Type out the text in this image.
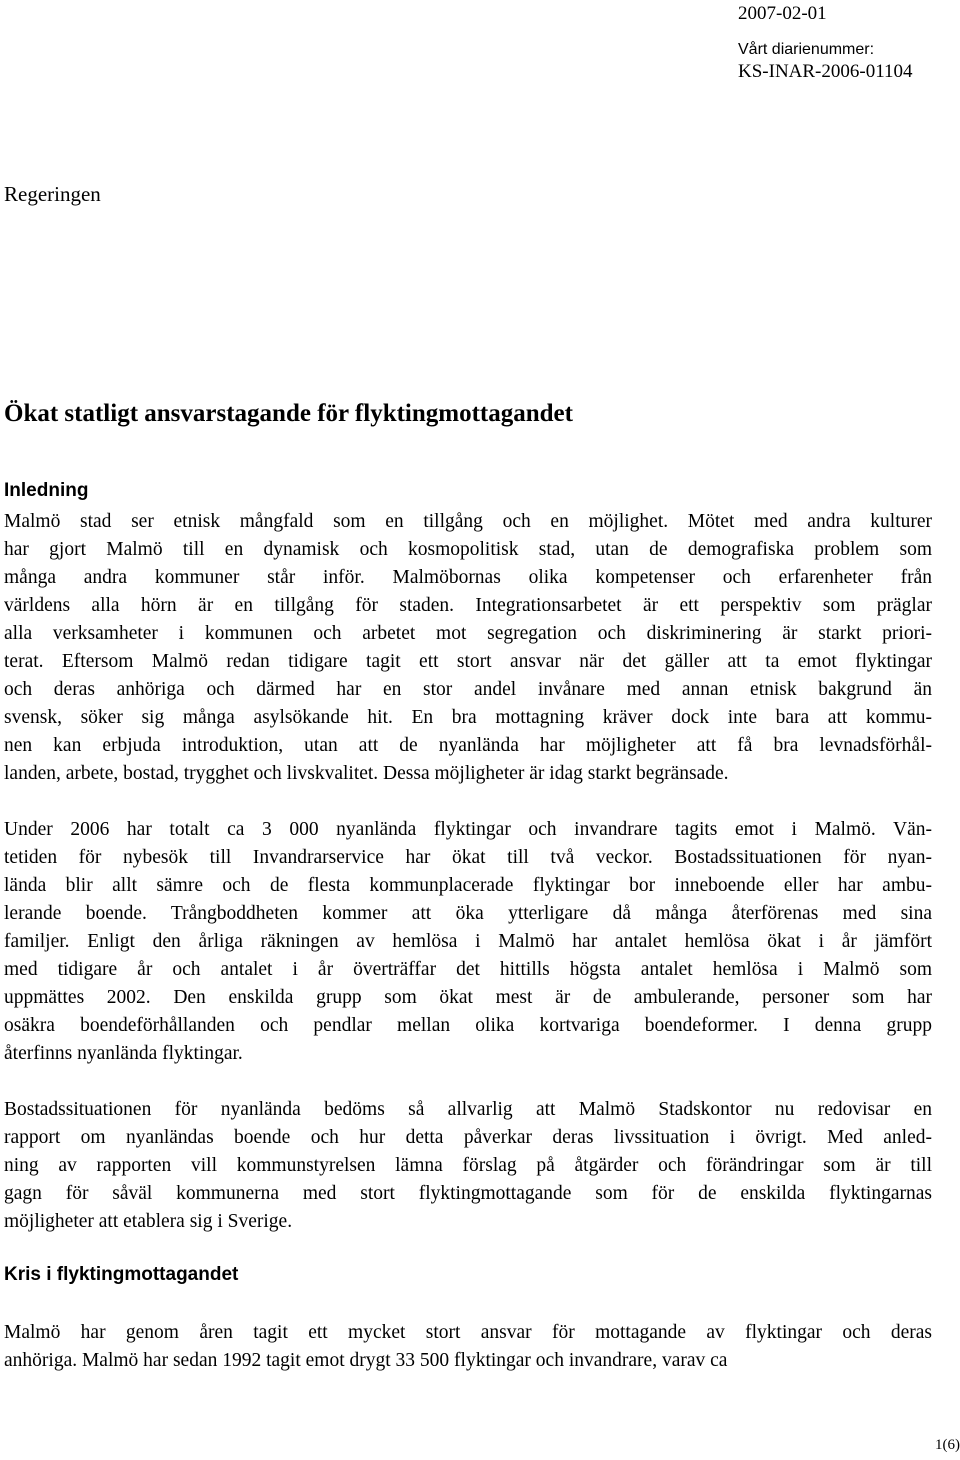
2007-02-01
Vårt diarienummer:
KS-INAR-2006-01104
Regeringen
Ökat statligt ansvarstagande för flyktingmottagandet
Inledning
Malmö stad ser etnisk mångfald som en tillgång och en möjlighet. Mötet med andra kulturer
har gjort Malmö till en dynamisk och kosmopolitisk stad, utan de demografiska problem som
många andra kommuner står inför. Malmöbornas olika kompetenser och erfarenheter från
världens alla hörn är en tillgång för staden. Integrationsarbetet är ett perspektiv som präglar
alla verksamheter i kommunen och arbetet mot segregation och diskriminering är starkt priori-
terat. Eftersom Malmö redan tidigare tagit ett stort ansvar när det gäller att ta emot flyktingar
och deras anhöriga och därmed har en stor andel invånare med annan etnisk bakgrund än
svensk, söker sig många asylsökande hit. En bra mottagning kräver dock inte bara att kommu-
nen kan erbjuda introduktion, utan att de nyanlända har möjligheter att få bra levnadsförhål-
landen, arbete, bostad, trygghet och livskvalitet. Dessa möjligheter är idag starkt begränsade.
Under 2006 har totalt ca 3 000 nyanlända flyktingar och invandrare tagits emot i Malmö. Vän-
tetiden för nybesök till Invandrarservice har ökat till två veckor. Bostadssituationen för nyan-
lända blir allt sämre och de flesta kommunplacerade flyktingar bor inneboende eller har ambu-
lerande boende. Trångboddheten kommer att öka ytterligare då många återförenas med sina
familjer. Enligt den årliga räkningen av hemlösa i Malmö har antalet hemlösa ökat i år jämfört
med tidigare år och antalet i år överträffar det hittills högsta antalet hemlösa i Malmö som
uppmättes 2002. Den enskilda grupp som ökat mest är de ambulerande, personer som har
osäkra boendeförhållanden och pendlar mellan olika kortvariga boendeformer. I denna grupp
återfinns nyanlända flyktingar.
Bostadssituationen för nyanlända bedöms så allvarlig att Malmö Stadskontor nu redovisar en
rapport om nyanländas boende och hur detta påverkar deras livssituation i övrigt. Med anled-
ning av rapporten vill kommunstyrelsen lämna förslag på åtgärder och förändringar som är till
gagn för såväl kommunerna med stort flyktingmottagande som för de enskilda flyktingarnas
möjligheter att etablera sig i Sverige.
Kris i flyktingmottagandet
Malmö har genom åren tagit ett mycket stort ansvar för mottagande av flyktingar och deras
anhöriga. Malmö har sedan 1992 tagit emot drygt 33 500 flyktingar och invandrare, varav ca
1(6)
